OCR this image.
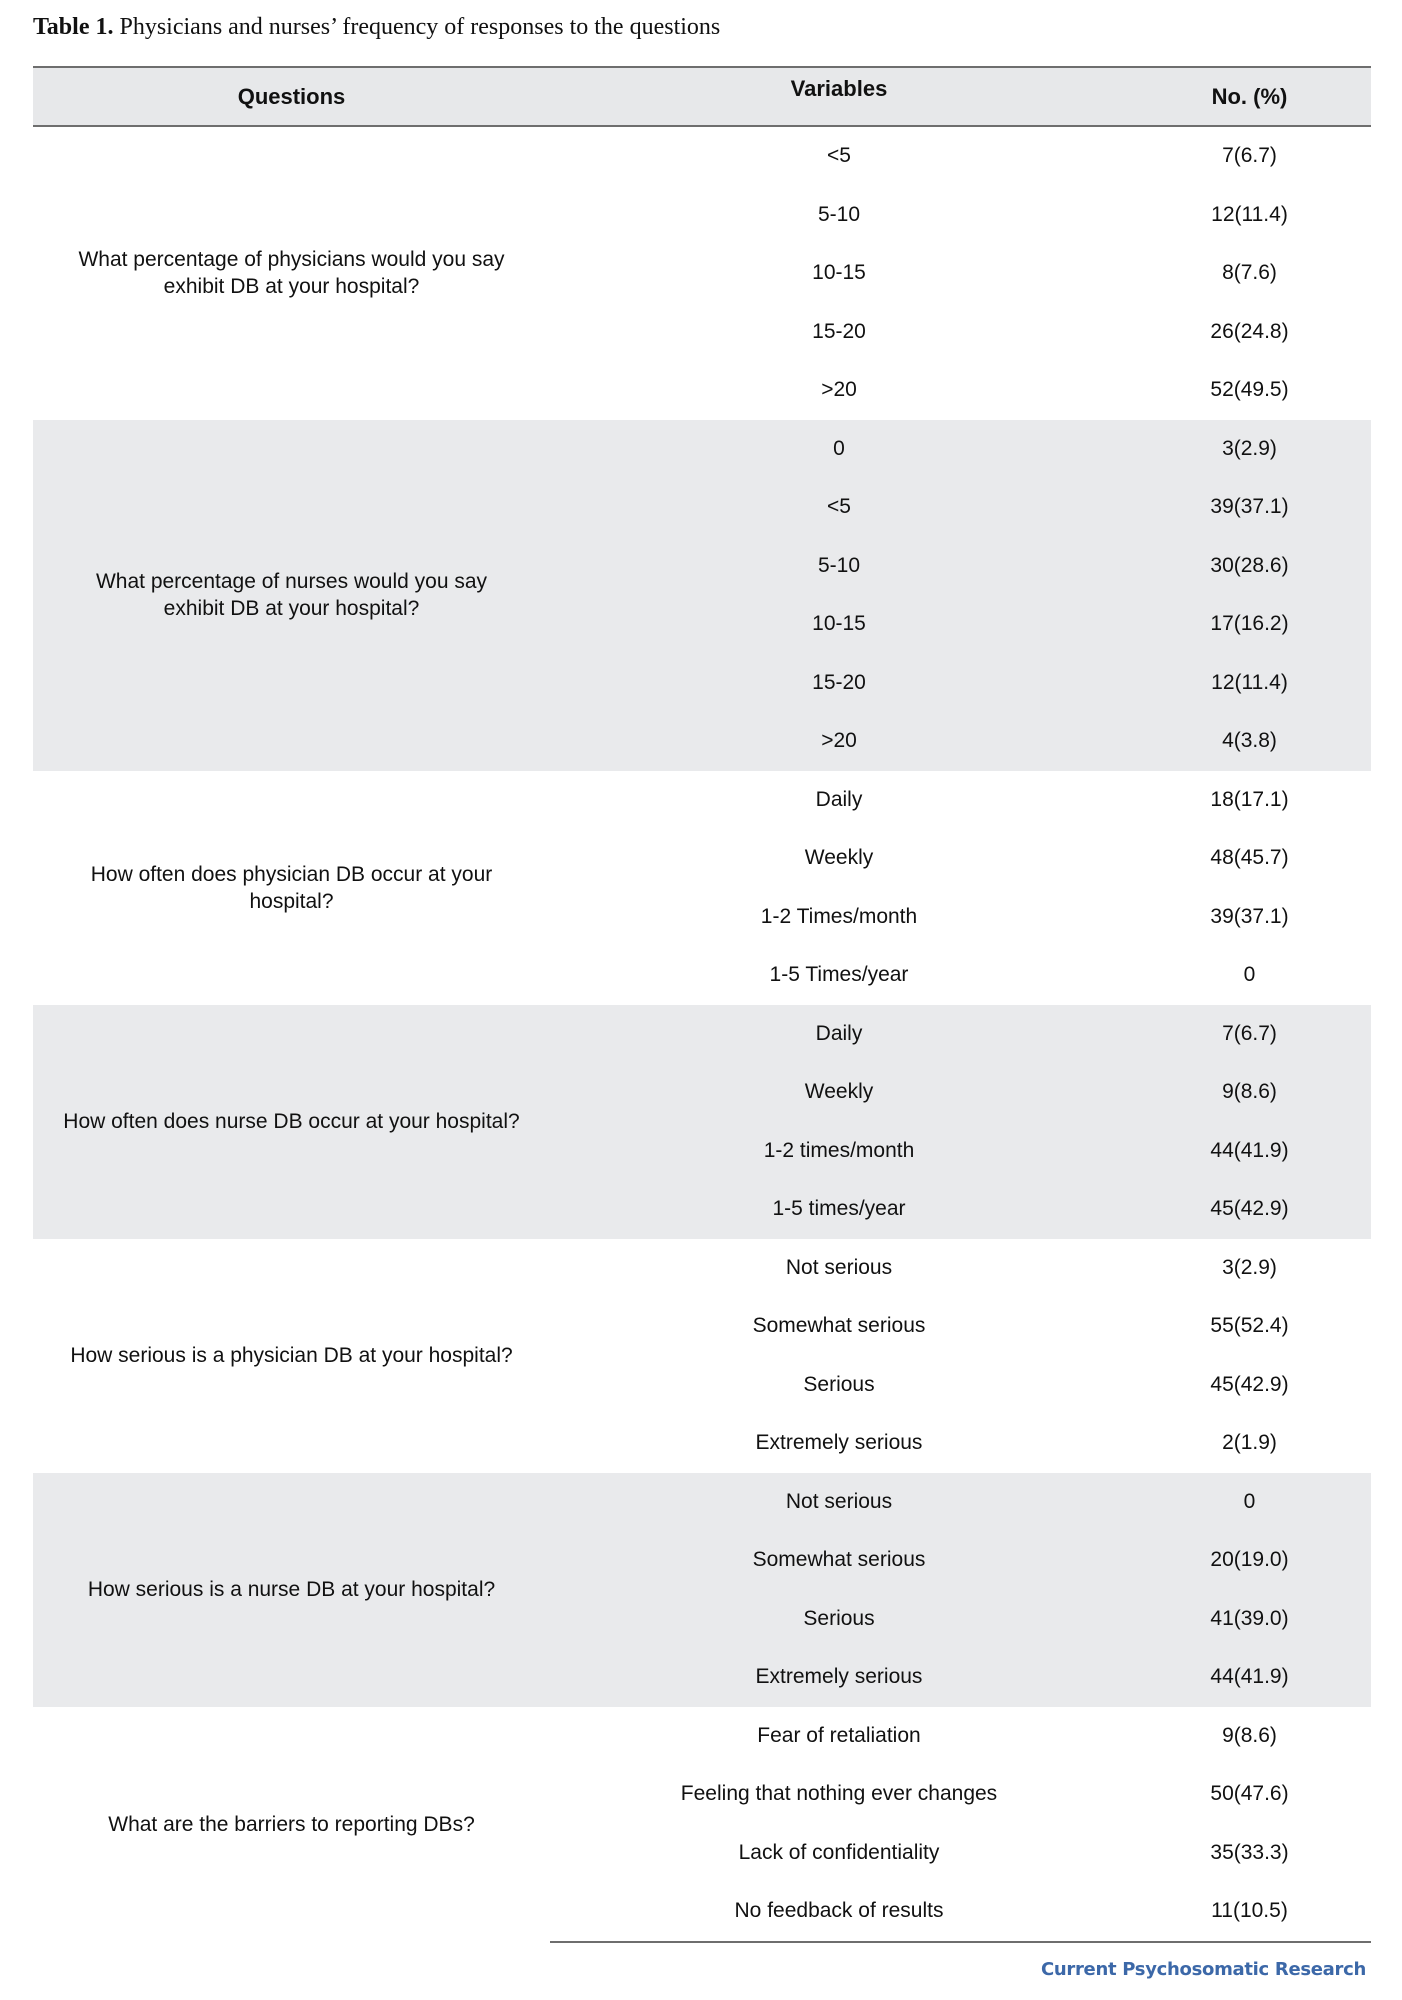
Table 1. Physicians and nurses’ frequency of responses to the questions
Questions	Variables	No. (%)
What percentage of physicians would you say exhibit DB at your hospital?	<5	7(6.7)
	5-10	12(11.4)
	10-15	8(7.6)
	15-20	26(24.8)
	>20	52(49.5)
What percentage of nurses would you say exhibit DB at your hospital?	0	3(2.9)
	<5	39(37.1)
	5-10	30(28.6)
	10-15	17(16.2)
	15-20	12(11.4)
	>20	4(3.8)
How often does physician DB occur at your hospital?	Daily	18(17.1)
	Weekly	48(45.7)
	1-2 Times/month	39(37.1)
	1-5 Times/year	0
How often does nurse DB occur at your hospital?	Daily	7(6.7)
	Weekly	9(8.6)
	1-2 times/month	44(41.9)
	1-5 times/year	45(42.9)
How serious is a physician DB at your hospital?	Not serious	3(2.9)
	Somewhat serious	55(52.4)
	Serious	45(42.9)
	Extremely serious	2(1.9)
How serious is a nurse DB at your hospital?	Not serious	0
	Somewhat serious	20(19.0)
	Serious	41(39.0)
	Extremely serious	44(41.9)
What are the barriers to reporting DBs?	Fear of retaliation	9(8.6)
	Feeling that nothing ever changes	50(47.6)
	Lack of confidentiality	35(33.3)
	No feedback of results	11(10.5)
Current Psychosomatic Research
